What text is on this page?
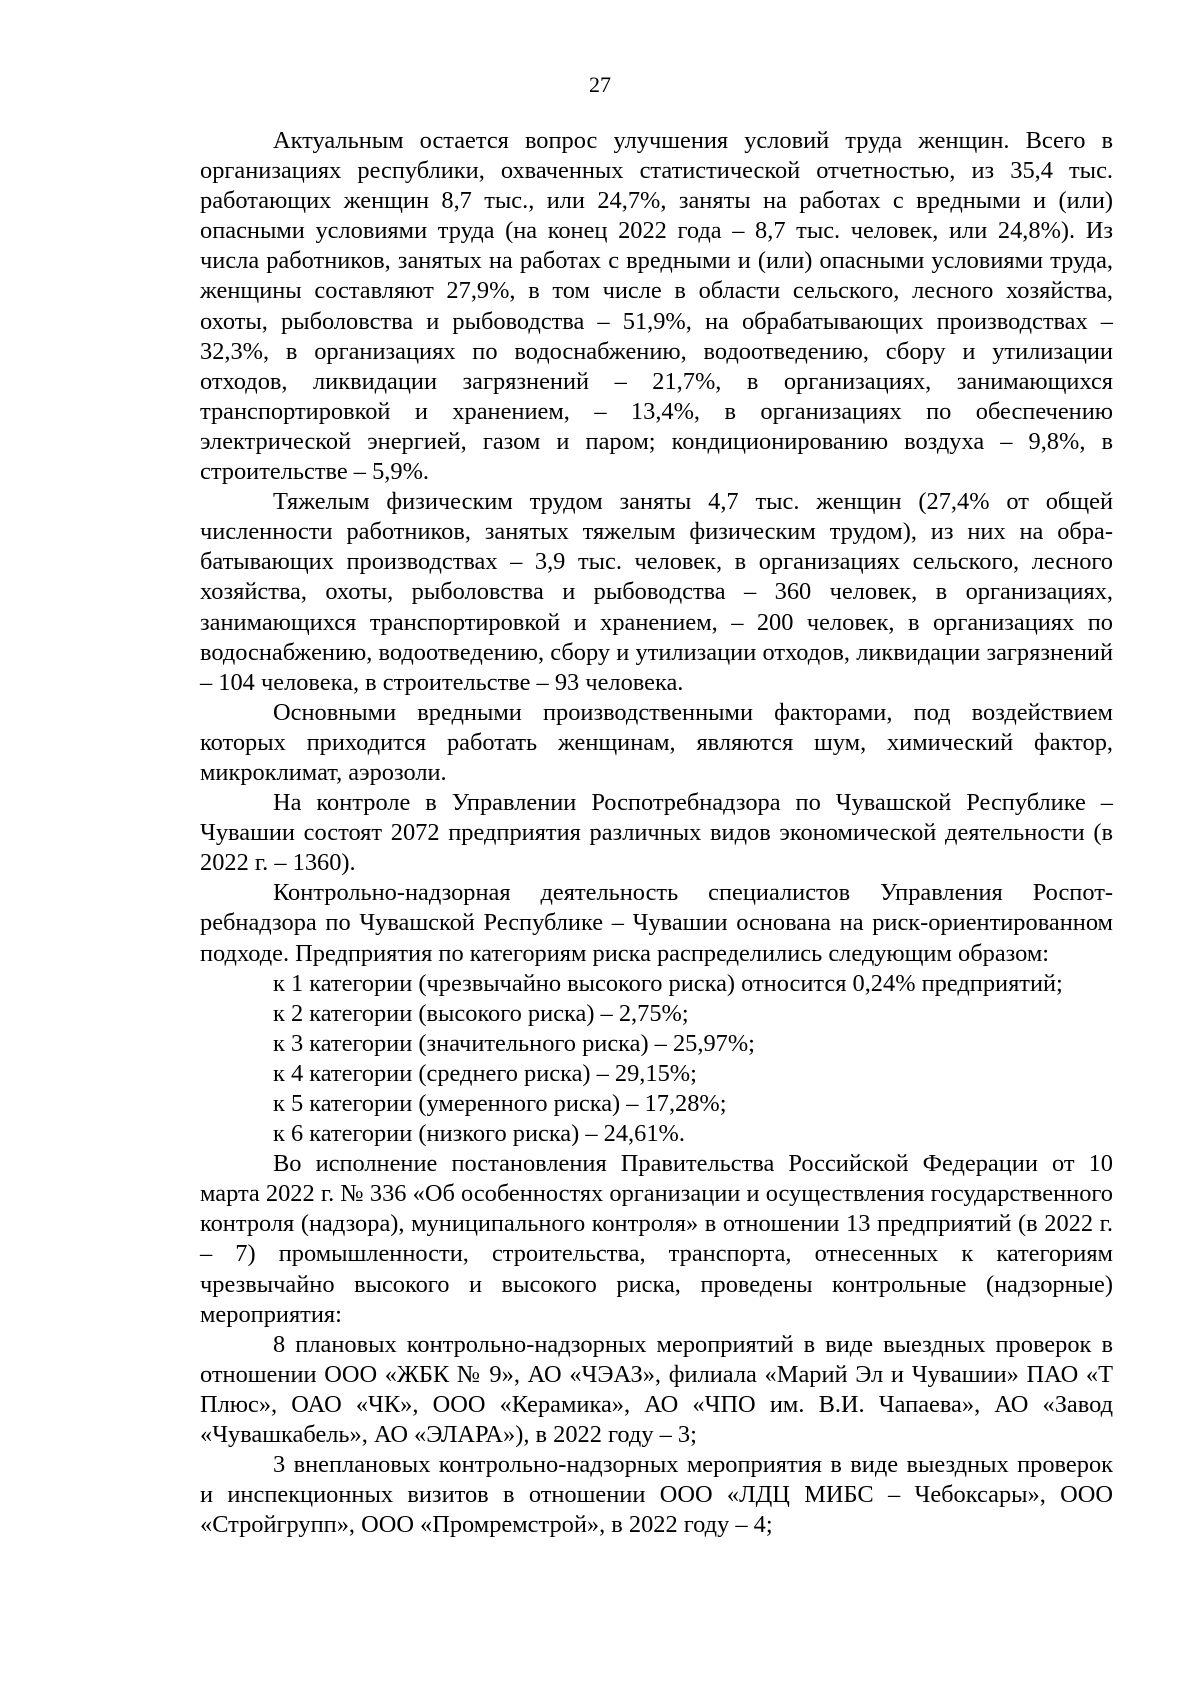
27

Актуальным остается вопрос улучшения условий труда женщин. Всего в организациях республики, охваченных статистической отчетностью, из 35,4 тыс. работающих женщин 8,7 тыс., или 24,7%, заняты на работах с вредными и (или) опасными условиями труда (на конец 2022 года – 8,7 тыс. человек, или 24,8%). Из числа работников, занятых на работах с вредными и (или) опасными условиями труда, женщины составляют 27,9%, в том числе в области сельского, лесного хозяйства, охоты, рыболовства и рыбоводства – 51,9%, на обрабатывающих производствах – 32,3%, в организациях по водоснабжению, водоотведению, сбору и утилизации отходов, ликвидации загрязнений – 21,7%, в организациях, занимающихся транспортировкой и хранением, – 13,4%, в организациях по обеспечению электрической энергией, газом и паром; кондиционированию воздуха – 9,8%, в строительстве – 5,9%.

Тяжелым физическим трудом заняты 4,7 тыс. женщин (27,4% от общей численности работников, занятых тяжелым физическим трудом), из них на обрабатывающих производствах – 3,9 тыс. человек, в организациях сельского, лесного хозяйства, охоты, рыболовства и рыбоводства – 360 человек, в организациях, занимающихся транспортировкой и хранением, – 200 человек, в организациях по водоснабжению, водоотведению, сбору и утилизации отходов, ликвидации загрязнений – 104 человека, в строительстве – 93 человека.

Основными вредными производственными факторами, под воздействием которых приходится работать женщинам, являются шум, химический фактор, микроклимат, аэрозоли.

На контроле в Управлении Роспотребнадзора по Чувашской Республике – Чувашии состоят 2072 предприятия различных видов экономической деятельности (в 2022 г. – 1360).

Контрольно-надзорная деятельность специалистов Управления Роспотребнадзора по Чувашской Республике – Чувашии основана на риск-ориентированном подходе. Предприятия по категориям риска распределились следующим образом:

к 1 категории (чрезвычайно высокого риска) относится 0,24% предприятий;

к 2 категории (высокого риска) – 2,75%;

к 3 категории (значительного риска) – 25,97%;

к 4 категории (среднего риска) – 29,15%;

к 5 категории (умеренного риска) – 17,28%;

к 6 категории (низкого риска) – 24,61%.

Во исполнение постановления Правительства Российской Федерации от 10 марта 2022 г. № 336 «Об особенностях организации и осуществления государственного контроля (надзора), муниципального контроля» в отношении 13 предприятий (в 2022 г. – 7) промышленности, строительства, транспорта, отнесенных к категориям чрезвычайно высокого и высокого риска, проведены контрольные (надзорные) мероприятия:

8 плановых контрольно-надзорных мероприятий в виде выездных проверок в отношении ООО «ЖБК № 9», АО «ЧЭАЗ», филиала «Марий Эл и Чувашии» ПАО «Т Плюс», ОАО «ЧК», ООО «Керамика», АО «ЧПО им. В.И. Чапаева», АО «Завод «Чувашкабель», АО «ЭЛАРА»), в 2022 году – 3;

3 внеплановых контрольно-надзорных мероприятия в виде выездных проверок и инспекционных визитов в отношении ООО «ЛДЦ МИБС – Чебоксары», ООО «Стройгрупп», ООО «Промремстрой», в 2022 году – 4;
